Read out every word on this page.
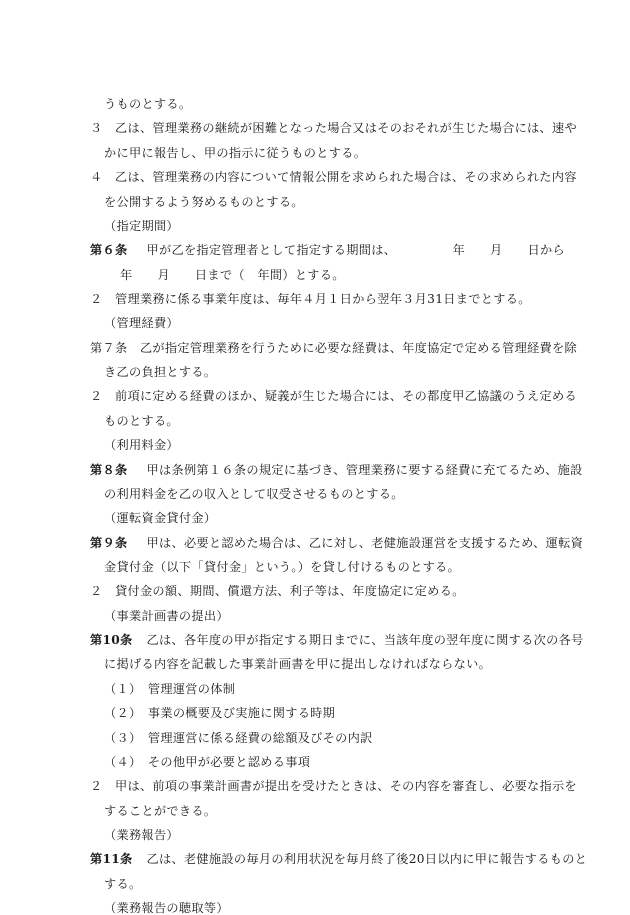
うものとする。
３　乙は、管理業務の継続が困難となった場合又はそのおそれが生じた場合には、速や
かに甲に報告し、甲の指示に従うものとする。
４　乙は、管理業務の内容について情報公開を求められた場合は、その求められた内容
を公開するよう努めるものとする。
（指定期間）
第６条 　甲が乙を指定管理者として指定する期間は、　　　　　年　　月　　日から
年　　月　　日まで（　年間）とする。
２　管理業務に係る事業年度は、毎年４月１日から翌年３月31日までとする。
（管理経費）
第７条　乙が指定管理業務を行うために必要な経費は、年度協定で定める管理経費を除
き乙の負担とする。
２　前項に定める経費のほか、疑義が生じた場合には、その都度甲乙協議のうえ定める
ものとする。
（利用料金）
第８条 　甲は条例第１６条の規定に基づき、管理業務に要する経費に充てるため、施設
の利用料金を乙の収入として収受させるものとする。
（運転資金貸付金）
第９条 　甲は、必要と認めた場合は、乙に対し、老健施設運営を支援するため、運転資
金貸付金（以下「貸付金」という。）を貸し付けるものとする。
２　貸付金の額、期間、償還方法、利子等は、年度協定に定める。
（事業計画書の提出）
第10条 　乙は、各年度の甲が指定する期日までに、当該年度の翌年度に関する次の各号
に掲げる内容を記載した事業計画書を甲に提出しなければならない。
（１）　管理運営の体制
（２）　事業の概要及び実施に関する時期
（３）　管理運営に係る経費の総額及びその内訳
（４）　その他甲が必要と認める事項
２　甲は、前項の事業計画書が提出を受けたときは、その内容を審査し、必要な指示を
することができる。
（業務報告）
第11条 　乙は、老健施設の毎月の利用状況を毎月終了後20日以内に甲に報告するものと
する。
（業務報告の聴取等）
